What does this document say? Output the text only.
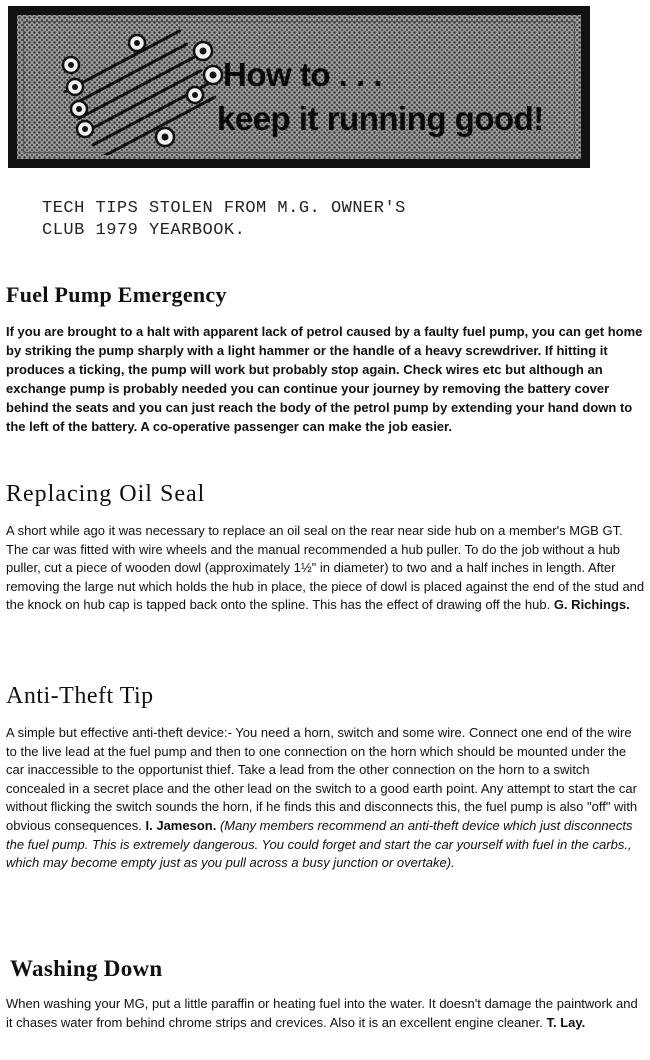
How to . . .
keep it running good!
TECH TIPS STOLEN FROM M.G. OWNER'S
CLUB 1979 YEARBOOK.
Fuel Pump Emergency

If you are brought to a halt with apparent lack of petrol caused by a faulty fuel pump, you can get home by striking the pump sharply with a light hammer or the handle of a heavy screwdriver. If hitting it produces a ticking, the pump will work but probably stop again. Check wires etc but although an exchange pump is probably needed you can continue your journey by removing the battery cover behind the seats and you can just reach the body of the petrol pump by extending your hand down to the left of the battery. A co-operative passenger can make the job easier.

Replacing Oil Seal

A short while ago it was necessary to replace an oil seal on the rear near side hub on a member's MGB GT. The car was fitted with wire wheels and the manual recommended a hub puller. To do the job without a hub puller, cut a piece of wooden dowl (approximately 1½" in diameter) to two and a half inches in length. After removing the large nut which holds the hub in place, the piece of dowl is placed against the end of the stud and the knock on hub cap is tapped back onto the spline. This has the effect of drawing off the hub. G. Richings.

Anti-Theft Tip

A simple but effective anti-theft device:- You need a horn, switch and some wire. Connect one end of the wire to the live lead at the fuel pump and then to one connection on the horn which should be mounted under the car inaccessible to the opportunist thief. Take a lead from the other connection on the horn to a switch concealed in a secret place and the other lead on the switch to a good earth point. Any attempt to start the car without flicking the switch sounds the horn, if he finds this and disconnects this, the fuel pump is also "off" with obvious consequences. I. Jameson. (Many members recommend an anti-theft device which just disconnects the fuel pump. This is extremely dangerous. You could forget and start the car yourself with fuel in the carbs., which may become empty just as you pull across a busy junction or overtake).

Washing Down

When washing your MG, put a little paraffin or heating fuel into the water. It doesn't damage the paintwork and it chases water from behind chrome strips and crevices. Also it is an excellent engine cleaner. T. Lay.
